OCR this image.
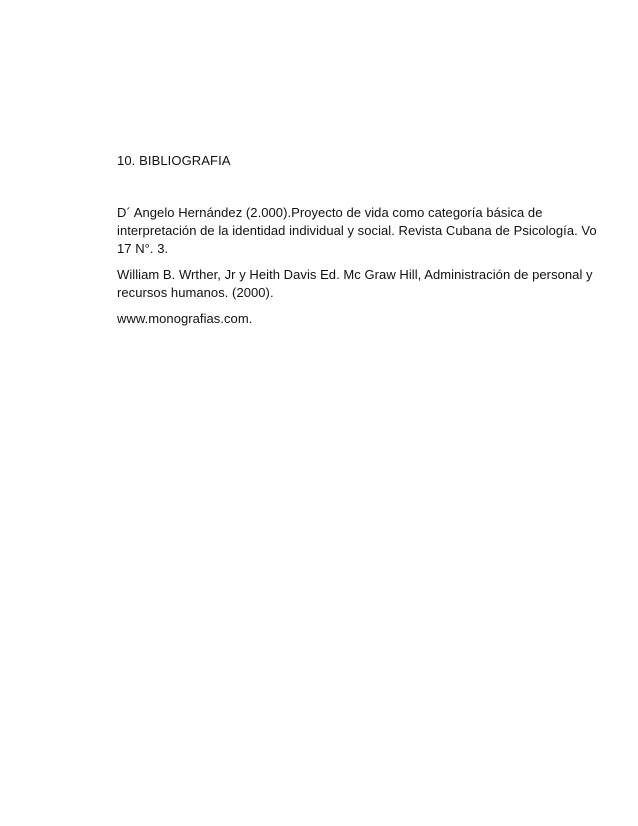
10. BIBLIOGRAFIA
D´ Angelo Hernández (2.000).Proyecto de vida como categoría básica de
interpretación de la identidad individual y social. Revista Cubana de Psicología. Vo
17 N°. 3.
William B. Wrther, Jr y Heith Davis Ed. Mc Graw Hill, Administración de personal y
recursos humanos. (2000).
www.monografias.com.
